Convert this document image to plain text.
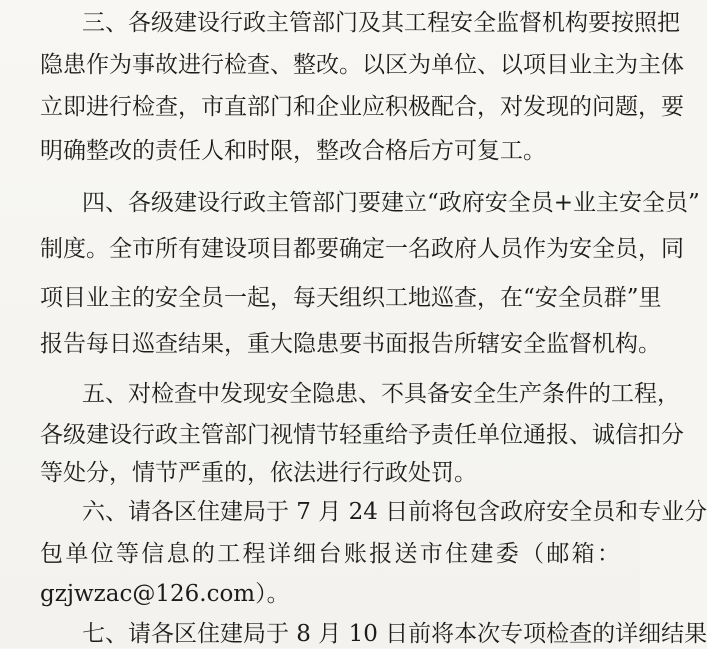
三、各级建设行政主管部门及其工程安全监督机构要按照把
隐患作为事故进行检查、整改。以区为单位、以项目业主为主体
立即进行检查，市直部门和企业应积极配合，对发现的问题，要
明确整改的责任人和时限，整改合格后方可复工。
四、各级建设行政主管部门要建立“政府安全员+业主安全员”
制度。全市所有建设项目都要确定一名政府人员作为安全员，同
项目业主的安全员一起，每天组织工地巡查，在“安全员群”里
报告每日巡查结果，重大隐患要书面报告所辖安全监督机构。
五、对检查中发现安全隐患、不具备安全生产条件的工程，
各级建设行政主管部门视情节轻重给予责任单位通报、诚信扣分
等处分，情节严重的，依法进行行政处罚。
六、请各区住建局于 7 月 24 日前将包含政府安全员和专业分
包单位等信息的工程详细台账报送市住建委（邮箱：
gzjwzac@126.com）。
七、请各区住建局于 8 月 10 日前将本次专项检查的详细结果
